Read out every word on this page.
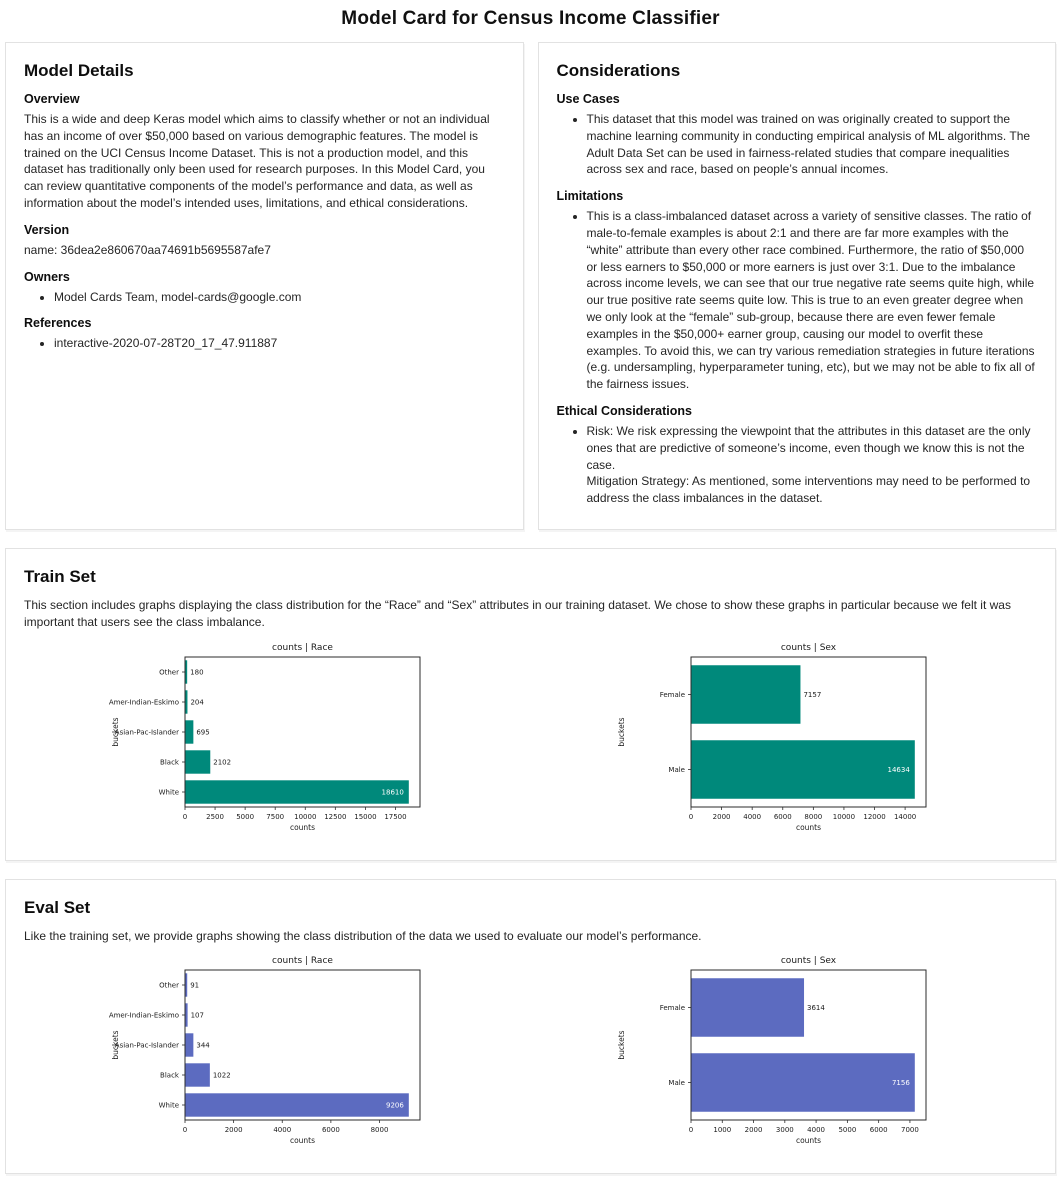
Model Card for Census Income Classifier
Model Details
Overview

This is a wide and deep Keras model which aims to classify whether or not an individual has an income of over $50,000 based on various demographic features. The model is trained on the UCI Census Income Dataset. This is not a production model, and this dataset has traditionally only been used for research purposes. In this Model Card, you can review quantitative components of the model’s performance and data, as well as information about the model’s intended uses, limitations, and ethical considerations.

Version

name: 36dea2e860670aa74691b5695587afe7

Owners
• Model Cards Team, model-cards@google.com
References
• interactive-2020-07-28T20_17_47.911887
Considerations
Use Cases
• This dataset that this model was trained on was originally created to support the machine learning community in conducting empirical analysis of ML algorithms. The Adult Data Set can be used in fairness-related studies that compare inequalities across sex and race, based on people’s annual incomes.
Limitations
• This is a class-imbalanced dataset across a variety of sensitive classes. The ratio of male-to-female examples is about 2:1 and there are far more examples with the “white” attribute than every other race combined. Furthermore, the ratio of $50,000 or less earners to $50,000 or more earners is just over 3:1. Due to the imbalance across income levels, we can see that our true negative rate seems quite high, while our true positive rate seems quite low. This is true to an even greater degree when we only look at the “female” sub-group, because there are even fewer female examples in the $50,000+ earner group, causing our model to overfit these examples. To avoid this, we can try various remediation strategies in future iterations (e.g. undersampling, hyperparameter tuning, etc), but we may not be able to fix all of the fairness issues.
Ethical Considerations
• Risk: We risk expressing the viewpoint that the attributes in this dataset are the only ones that are predictive of someone’s income, even though we know this is not the case.
Mitigation Strategy: As mentioned, some interventions may need to be performed to address the class imbalances in the dataset.
Train Set

This section includes graphs displaying the class distribution for the “Race” and “Sex” attributes in our training dataset. We chose to show these graphs in particular because we felt it was important that users see the class imbalance.

counts | Race
Other 180
Amer-Indian-Eskimo 204
Asian-Pac-Islander 695
Black	2102
White	18610
0	2500 5000 7500 10000 12500 15000 17500
counts
buckets
counts | Sex
Female	7157
Male	14634
0	2000 4000 6000 8000 10000 12000 14000
counts
buckets
Eval Set

Like the training set, we provide graphs showing the class distribution of the data we used to evaluate our model’s performance.

counts | Race
Other 91
Amer-Indian-Eskimo 107
Asian-Pac-Islander 344
Black	1022
White	9206
0	2000	4000	6000	8000
counts
buckets
counts | Sex
Female	3614
Male	7156
0	1000 2000 3000 4000 5000 6000 7000
counts
buckets
